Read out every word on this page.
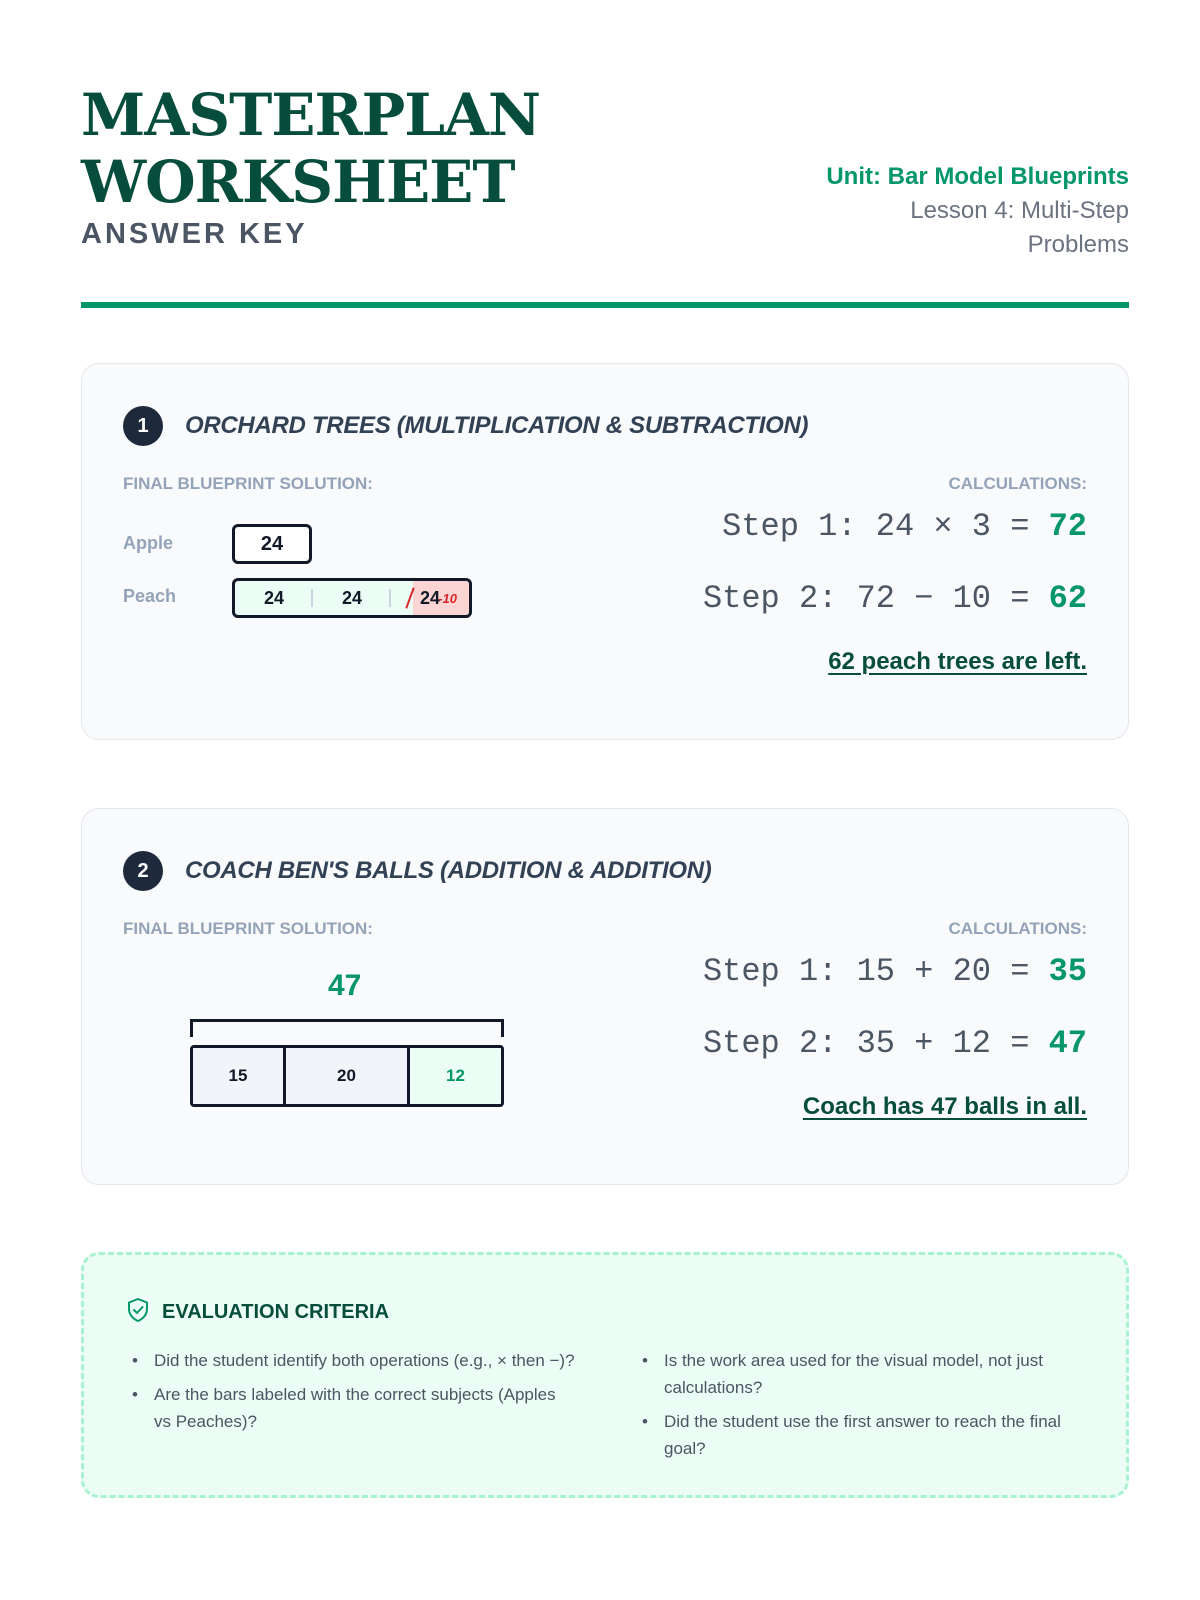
MASTERPLAN
WORKSHEET
ANSWER KEY
Unit: Bar Model Blueprints
Lesson 4: Multi-Step
Problems
1	ORCHARD TREES (MULTIPLICATION & SUBTRACTION)
FINAL BLUEPRINT SOLUTION:	CALCULATIONS:
Apple	24
Peach	24	24	24
-10
Step 1: 24 × 3 = 72
Step 2: 72 − 10 = 62
62 peach trees are left.
2	COACH BEN'S BALLS (ADDITION & ADDITION)
FINAL BLUEPRINT SOLUTION:	CALCULATIONS:
47
15	20	12
Step 1: 15 + 20 = 35
Step 2: 35 + 12 = 47
Coach has 47 balls in all.
EVALUATION CRITERIA
• Did the student identify both operations (e.g., × then −)?
• Are the bars labeled with the correct subjects (Apples vs Peaches)?
• Is the work area used for the visual model, not just calculations?
• Did the student use the first answer to reach the final goal?
